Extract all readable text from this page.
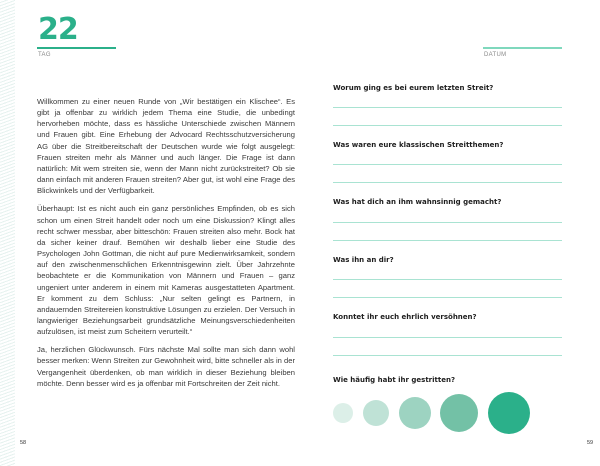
22
TAG

Willkommen zu einer neuen Runde von „Wir bestätigen ein Klischee“. Es gibt ja offenbar zu wirklich jedem Thema eine Studie, die unbedingt hervorheben möchte, dass es hässliche Unterschiede zwischen Männern und Frauen gibt. Eine Erhebung der Advocard Rechtsschutzversicherung AG über die Streitbereitschaft der Deutschen wurde wie folgt ausgelegt: Frauen streiten mehr als Männer und auch länger. Die Frage ist dann natürlich: Mit wem streiten sie, wenn der Mann nicht zurückstreitet? Ob sie dann einfach mit anderen Frauen streiten? Aber gut, ist wohl eine Frage des Blickwinkels und der Verfügbarkeit.

Überhaupt: Ist es nicht auch ein ganz persönliches Empfinden, ob es sich schon um einen Streit handelt oder noch um eine Diskussion? Klingt alles recht schwer messbar, aber bitteschön: Frauen streiten also mehr. Bock hat da sicher keiner drauf. Bemühen wir deshalb lieber eine Studie des Psychologen John Gottman, die nicht auf pure Medienwirksamkeit, sondern auf den zwischenmenschlichen Erkenntnisgewinn zielt. Über Jahrzehnte beobachtete er die Kommunikation von Männern und Frauen – ganz ungeniert unter anderem in einem mit Kameras ausgestatteten Apartment. Er komment zu dem Schluss: „Nur selten gelingt es Partnern, in andauernden Streitereien konstruktive Lösungen zu erzielen. Der Versuch in langwieriger Beziehungsarbeit grundsätzliche Meinungsverschiedenheiten aufzulösen, ist meist zum Scheitern verurteilt.“

Ja, herzlichen Glückwunsch. Fürs nächste Mal sollte man sich dann wohl besser merken: Wenn Streiten zur Gewohnheit wird, bitte schneller als in der Vergangenheit überdenken, ob man wirklich in dieser Beziehung bleiben möchte. Denn besser wird es ja offenbar mit Fortschreiten der Zeit nicht.

58
DATUM
Worum ging es bei eurem letzten Streit?
Was waren eure klassischen Streitthemen?
Was hat dich an ihm wahnsinnig gemacht?
Was ihn an dir?
Konntet ihr euch ehrlich versöhnen?
Wie häufig habt ihr gestritten?
59
